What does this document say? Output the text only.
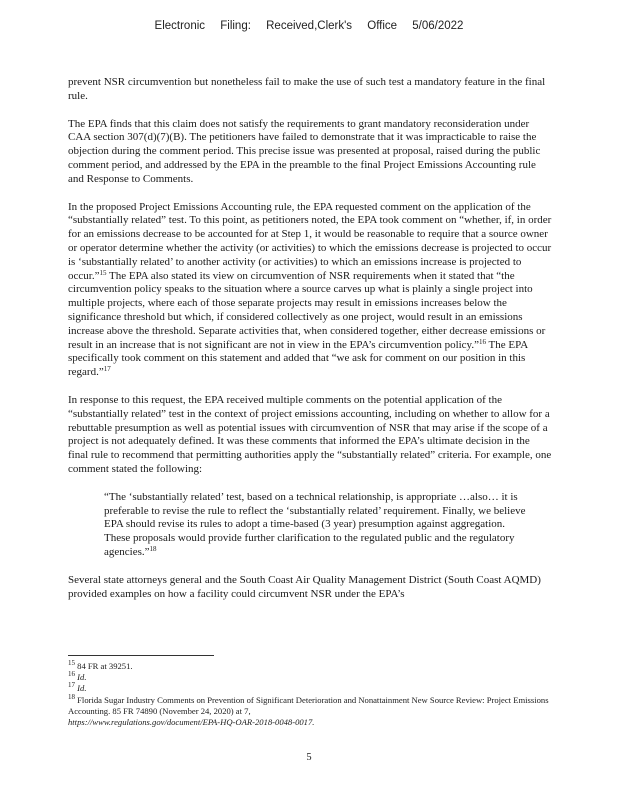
Electronic Filing: Received,Clerk's Office 5/06/2022

prevent NSR circumvention but nonetheless fail to make the use of such test a mandatory feature in the final rule.

The EPA finds that this claim does not satisfy the requirements to grant mandatory reconsideration under CAA section 307(d)(7)(B). The petitioners have failed to demonstrate that it was impracticable to raise the objection during the comment period. This precise issue was presented at proposal, raised during the public comment period, and addressed by the EPA in the preamble to the final Project Emissions Accounting rule and Response to Comments.

In the proposed Project Emissions Accounting rule, the EPA requested comment on the application of the “substantially related” test. To this point, as petitioners noted, the EPA took comment on “whether, if, in order for an emissions decrease to be accounted for at Step 1, it would be reasonable to require that a source owner or operator determine whether the activity (or activities) to which the emissions decrease is projected to occur is ‘substantially related’ to another activity (or activities) to which an emissions increase is projected to occur.”$^{15}$ The EPA also stated its view on circumvention of NSR requirements when it stated that “the circumvention policy speaks to the situation where a source carves up what is plainly a single project into multiple projects, where each of those separate projects may result in emissions increases below the significance threshold but which, if considered collectively as one project, would result in an emissions increase above the threshold. Separate activities that, when considered together, either decrease emissions or result in an increase that is not significant are not in view in the EPA’s circumvention policy.”$^{16}$ The EPA specifically took comment on this statement and added that “we ask for comment on our position in this regard.”$^{17}$

In response to this request, the EPA received multiple comments on the potential application of the “substantially related” test in the context of project emissions accounting, including on whether to allow for a rebuttable presumption as well as potential issues with circumvention of NSR that may arise if the scope of a project is not adequately defined. It was these comments that informed the EPA’s ultimate decision in the final rule to recommend that permitting authorities apply the “substantially related” criteria. For example, one comment stated the following:

“The ‘substantially related’ test, based on a technical relationship, is appropriate …also… it is preferable to revise the rule to reflect the ‘substantially related’ requirement. Finally, we believe EPA should revise its rules to adopt a time-based (3 year) presumption against aggregation. These proposals would provide further clarification to the regulated public and the regulatory agencies.”$^{18}$

Several state attorneys general and the South Coast Air Quality Management District (South Coast AQMD) provided examples on how a facility could circumvent NSR under the EPA’s

$^{15}$ 84 FR at 39251.
$^{16}$ Id.
$^{17}$ Id.
$^{18}$ Florida Sugar Industry Comments on Prevention of Significant Deterioration and Nonattainment New Source Review: Project Emissions Accounting. 85 FR 74890 (November 24, 2020) at 7,
https://www.regulations.gov/document/EPA-HQ-OAR-2018-0048-0017.
5
